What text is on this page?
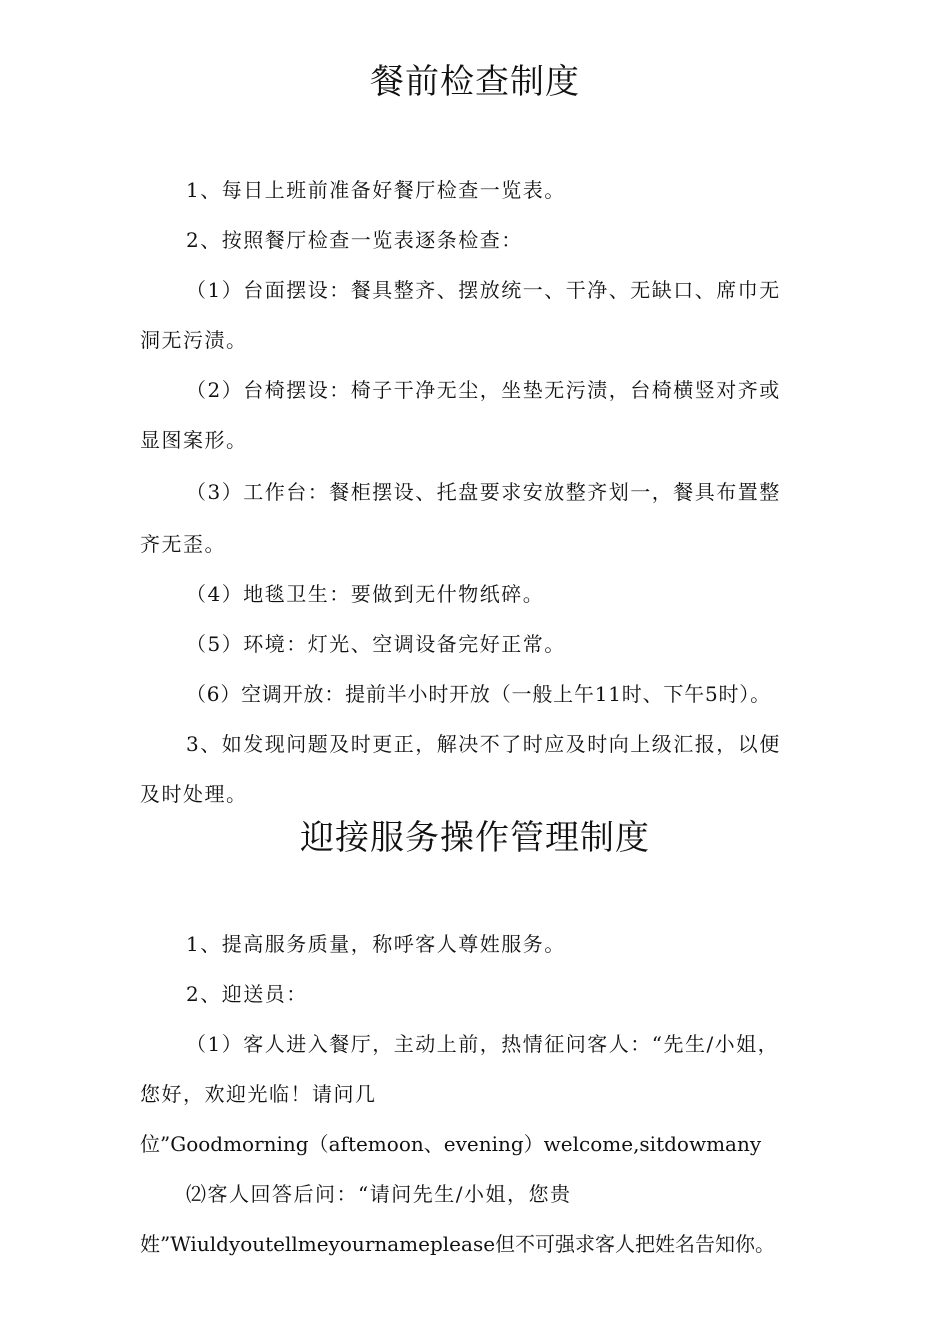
餐前检查制度

1、每日上班前准备好餐厅检查一览表。

2、按照餐厅检查一览表逐条检查：

（1）台面摆设：餐具整齐、摆放统一、干净、无缺口、席巾无

洞无污渍。

（2）台椅摆设：椅子干净无尘，坐垫无污渍，台椅横竖对齐或

显图案形。

（3）工作台：餐柜摆设、托盘要求安放整齐划一，餐具布置整

齐无歪。

（4）地毯卫生：要做到无什物纸碎。

（5）环境：灯光、空调设备完好正常。

（6）空调开放：提前半小时开放（一般上午11时、下午5时）。

3、如发现问题及时更正，解决不了时应及时向上级汇报，以便

及时处理。

迎接服务操作管理制度

1、提高服务质量，称呼客人尊姓服务。

2、迎送员：

（1）客人进入餐厅，主动上前，热情征问客人：“先生/小姐，

您好，欢迎光临！请问几

位”Goodmorning（aftemoon、evening）welcome,sitdowmany

⑵客人回答后问：“请问先生/小姐，您贵

姓”Wiuldyoutellmeyournameplease但不可强求客人把姓名告知你。
